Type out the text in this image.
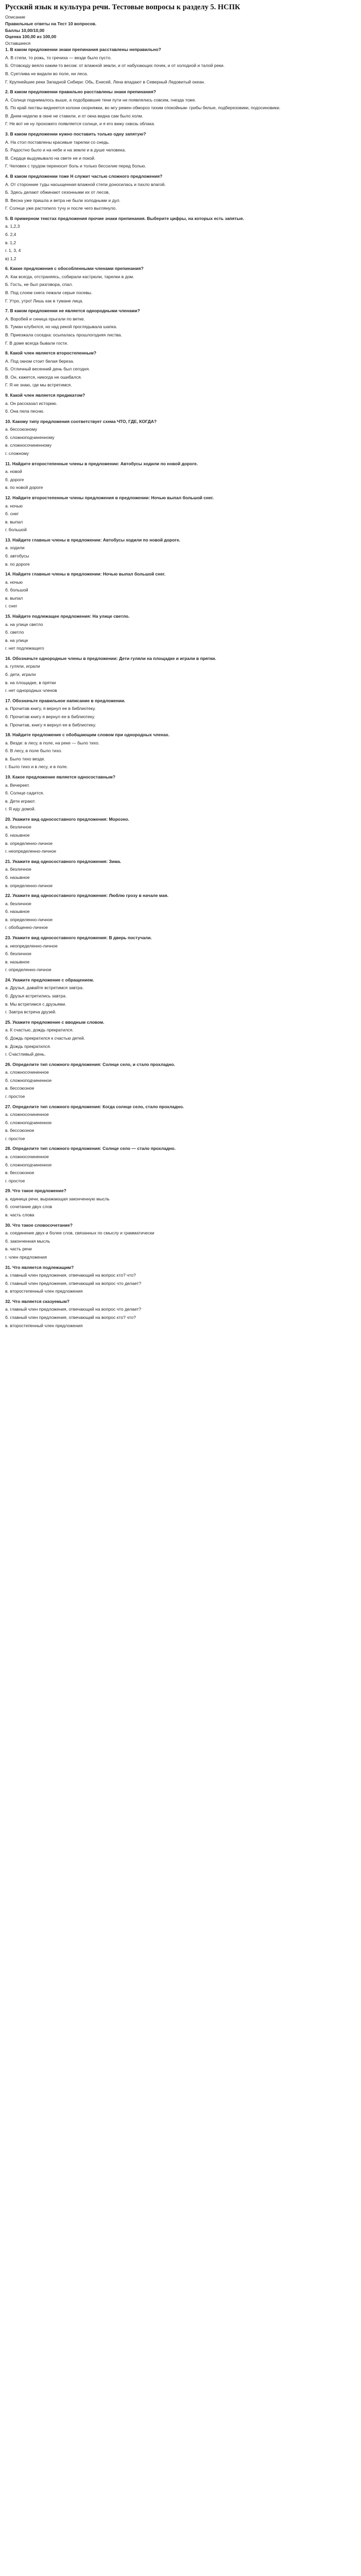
Русский язык и культура речи. Тестовые вопросы к разделу 5. НСПК
Описание
Правильные ответы на Тест 10 вопросов.
Баллы 10,00/10,00
Оценка 100,00 из 100,00
Оставшиеся
1. В каком предложении знаки препинания расставлены неправильно?
А. В степи, то рожь, то гречиха — везде было пусто.
Б. Отовсюду веяло каким-то весом: от влажной земли, и от набухающих почек, и от холодной и талой реки.
В. Суетлива не видали во поле, ни леса.
Г. Крупнейшие реки Западной Сибири: Обь, Енисей, Лена впадают в Северный Ледовитый океан.
2. В каком предложении правильно расставлены знаки препинания?
А. Солнце поднималось выше, а подобравшие тени пути не появлялись совсем, гнезда тоже.
Б. По край листвы виднеется колони скорняжки, во мгу ремен обмороз тихим спокойным- грибы белые, подберезовики, подосиновики.
В. Днем неделю в окне не ставили, и от окна видна сам было холм.
Г. Не вот не ну прохожего появляется солнце, и я его вижу сквозь облака.
3. В каком предложении нужно поставить только одну запятую?
А. На стол поставлены красивые тарелки со снедь.
Б. Радостно было и на небе и на земле и в душе человека.
В. Сердце выдумывало на свете не и покой.
Г. Человек с трудом переносит боль и только бессилие перед болью.
4. В каком предложении тоже Н служит частью сложного предложения?
А. От сторонние туды насыщенная влажной степи доносилась и пахло влагой.
Б. Здесь делают обжинают сезонными их от лесов,
В. Весна уже пришла и ветра не были холодными и дул.
Г. Солнце уже растопило тучу и после чего выглянуло.
5. В примерном текстах предложения прочие знаки препинания. Выберите цифры, на которых есть запятые.
а. 1,2,3
б. 2,4
в. 1,2
г. 1, 3, 4
в) 1,2
6. Какие предложения с обособленными членами препинания?
А. Как всегда, отстраняясь, собирали кастрюли, тарелки в дом.
Б. Гость, не был разговора, спал.
В. Под слоем снега лежали серые посевы.
Г. Утро, утро! Лишь как в тумане лица.
7. В каком предложении не является однородными членами?
А. Воробей и синица прыгали по ветке.
Б. Туман клубился, но над рекой проглядывала шапка.
В. Приезжала соседка: осыпалась прошлогодняя листва.
Г. В доме всегда бывали гости.
8. Какой член является второстепенным?
А. Под окном стоит белая береза.
Б. Отличный весенний день был сегодня.
В. Он, кажется, никогда не ошибался.
Г. Я не знаю, где мы встретимся.
9. Какой член является предикатом?
а. Он рассказал историю.
б. Она пела песню.
10. Какому типу предложения соответствует схема ЧТО, ГДЕ, КОГДА?
а. бессоюзному
б. сложноподчиненному
в. сложносочиненному
г. сложному
11. Найдите второстепенные члены в предложении: Автобусы ходили по новой дороге.
а. новой
б. дороге
в. по новой дороге
12. Найдите второстепенные члены предложения в предложении: Ночью выпал большой снег.
а. ночью
б. снег
в. выпал
г. большой
13. Найдите главные члены в предложении: Автобусы ходили по новой дороге.
а. ходили
б. автобусы
в. по дороге
14. Найдите главные члены в предложении: Ночью выпал большой снег.
а. ночью
б. большой
в. выпал
г. снег
15. Найдите подлежащее предложения: На улице светло.
а. на улице светло
б. светло
в. на улице
г. нет подлежащего
16. Обозначьте однородные члены в предложении: Дети гуляли на площадке и играли в прятки.
а. гуляли, играли
б. дети, играли
в. на площадке, в прятки
г. нет однородных членов
17. Обозначьте правильное написание в предложении.
а. Прочитав книгу, я вернул ее в библиотеку.
б. Прочитав книгу я вернул ее в библиотеку.
в. Прочитав, книгу я вернул ее в библиотеку.
18. Найдите предложение с обобщающим словом при однородных членах.
а. Везде: в лесу, в поле, на реке — было тихо.
б. В лесу, в поле было тихо.
в. Было тихо везде.
г. Было тихо и в лесу, и в поле.
19. Какое предложение является односоставным?
а. Вечереет.
б. Солнце садится.
в. Дети играют.
г. Я иду домой.
20. Укажите вид односоставного предложения: Морозно.
а. безличное
б. назывное
в. определенно-личное
г. неопределенно-личное
21. Укажите вид односоставного предложения: Зима.
а. безличное
б. назывное
в. определенно-личное
22. Укажите вид односоставного предложения: Люблю грозу в начале мая.
а. безличное
б. назывное
в. определенно-личное
г. обобщенно-личное
23. Укажите вид односоставного предложения: В дверь постучали.
а. неопределенно-личное
б. безличное
в. назывное
г. определенно-личное
24. Укажите предложение с обращением.
а. Друзья, давайте встретимся завтра.
б. Друзья встретились завтра.
в. Мы встретимся с друзьями.
г. Завтра встреча друзей.
25. Укажите предложение с вводным словом.
а. К счастью, дождь прекратился.
б. Дождь прекратился к счастью детей.
в. Дождь прекратился.
г. Счастливый день.
26. Определите тип сложного предложения: Солнце село, и стало прохладно.
а. сложносочиненное
б. сложноподчиненное
в. бессоюзное
г. простое
27. Определите тип сложного предложения: Когда солнце село, стало прохладно.
а. сложносочиненное
б. сложноподчиненное
в. бессоюзное
г. простое
28. Определите тип сложного предложения: Солнце село — стало прохладно.
а. сложносочиненное
б. сложноподчиненное
в. бессоюзное
г. простое
29. Что такое предложение?
а. единица речи, выражающая законченную мысль
б. сочетание двух слов
в. часть слова
30. Что такое словосочетание?
а. соединение двух и более слов, связанных по смыслу и грамматически
б. законченная мысль
в. часть речи
г. член предложения
31. Что является подлежащим?
а. главный член предложения, отвечающий на вопрос кто? что?
б. главный член предложения, отвечающий на вопрос что делает?
в. второстепенный член предложения
32. Что является сказуемым?
а. главный член предложения, отвечающий на вопрос что делает?
б. главный член предложения, отвечающий на вопрос кто? что?
в. второстепенный член предложения
